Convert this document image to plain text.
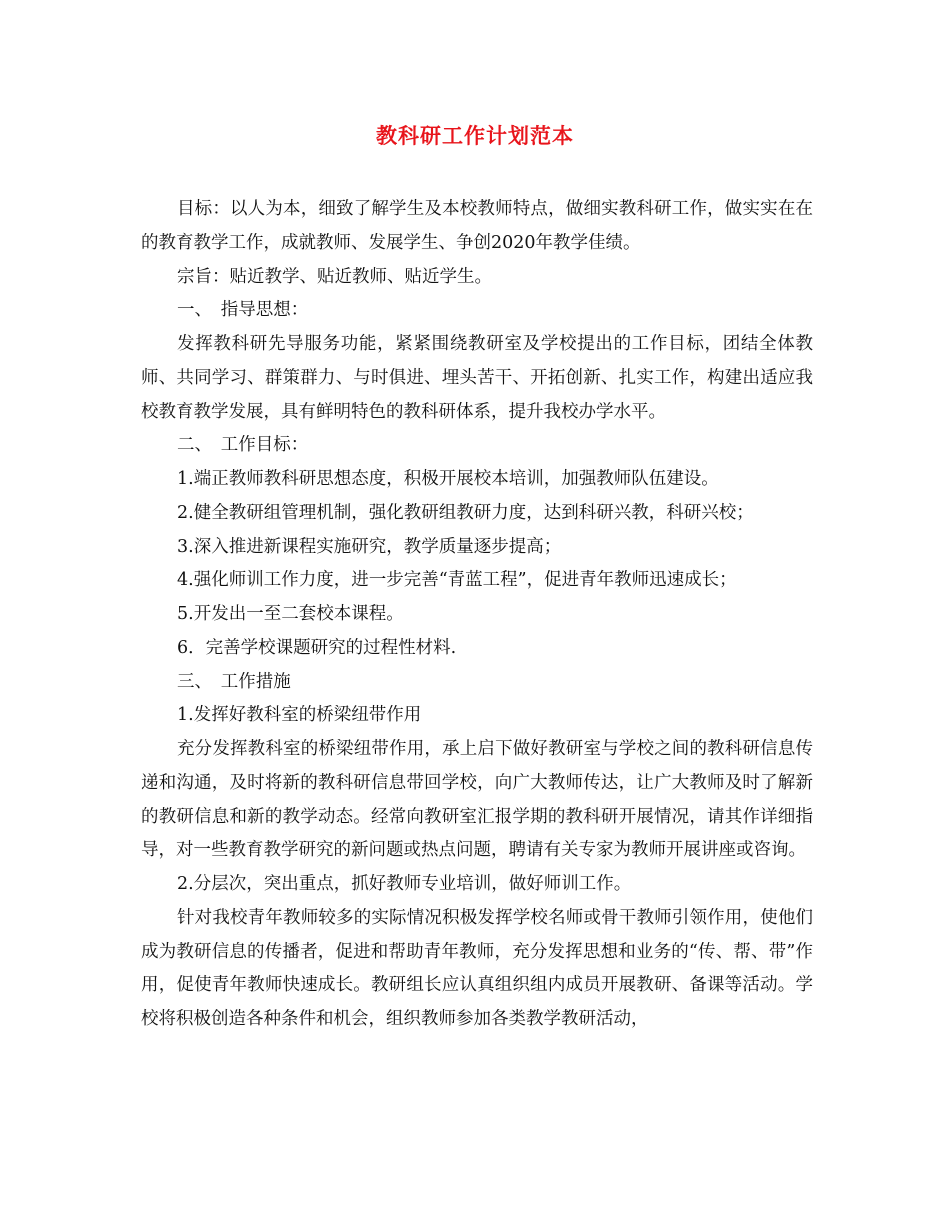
教科研工作计划范本

目标：以人为本，细致了解学生及本校教师特点，做细实教科研工作，做实实在在的教育教学工作，成就教师、发展学生、争创2020年教学佳绩。

宗旨：贴近教学、贴近教师、贴近学生。

一、　指导思想：

发挥教科研先导服务功能，紧紧围绕教研室及学校提出的工作目标，团结全体教师、共同学习、群策群力、与时俱进、埋头苦干、开拓创新、扎实工作，构建出适应我校教育教学发展，具有鲜明特色的教科研体系，提升我校办学水平。

二、　工作目标：

1.端正教师教科研思想态度，积极开展校本培训，加强教师队伍建设。

2.健全教研组管理机制，强化教研组教研力度，达到科研兴教，科研兴校；

3.深入推进新课程实施研究，教学质量逐步提高；

4.强化师训工作力度，进一步完善“青蓝工程”，促进青年教师迅速成长；

5.开发出一至二套校本课程。

6．完善学校课题研究的过程性材料.

三、　工作措施

1.发挥好教科室的桥梁纽带作用

充分发挥教科室的桥梁纽带作用，承上启下做好教研室与学校之间的教科研信息传递和沟通，及时将新的教科研信息带回学校，向广大教师传达，让广大教师及时了解新的教研信息和新的教学动态。经常向教研室汇报学期的教科研开展情况，请其作详细指导，对一些教育教学研究的新问题或热点问题，聘请有关专家为教师开展讲座或咨询。

2.分层次，突出重点，抓好教师专业培训，做好师训工作。

针对我校青年教师较多的实际情况积极发挥学校名师或骨干教师引领作用，使他们成为教研信息的传播者，促进和帮助青年教师，充分发挥思想和业务的“传、帮、带”作用，促使青年教师快速成长。教研组长应认真组织组内成员开展教研、备课等活动。学校将积极创造各种条件和机会，组织教师参加各类教学教研活动，
